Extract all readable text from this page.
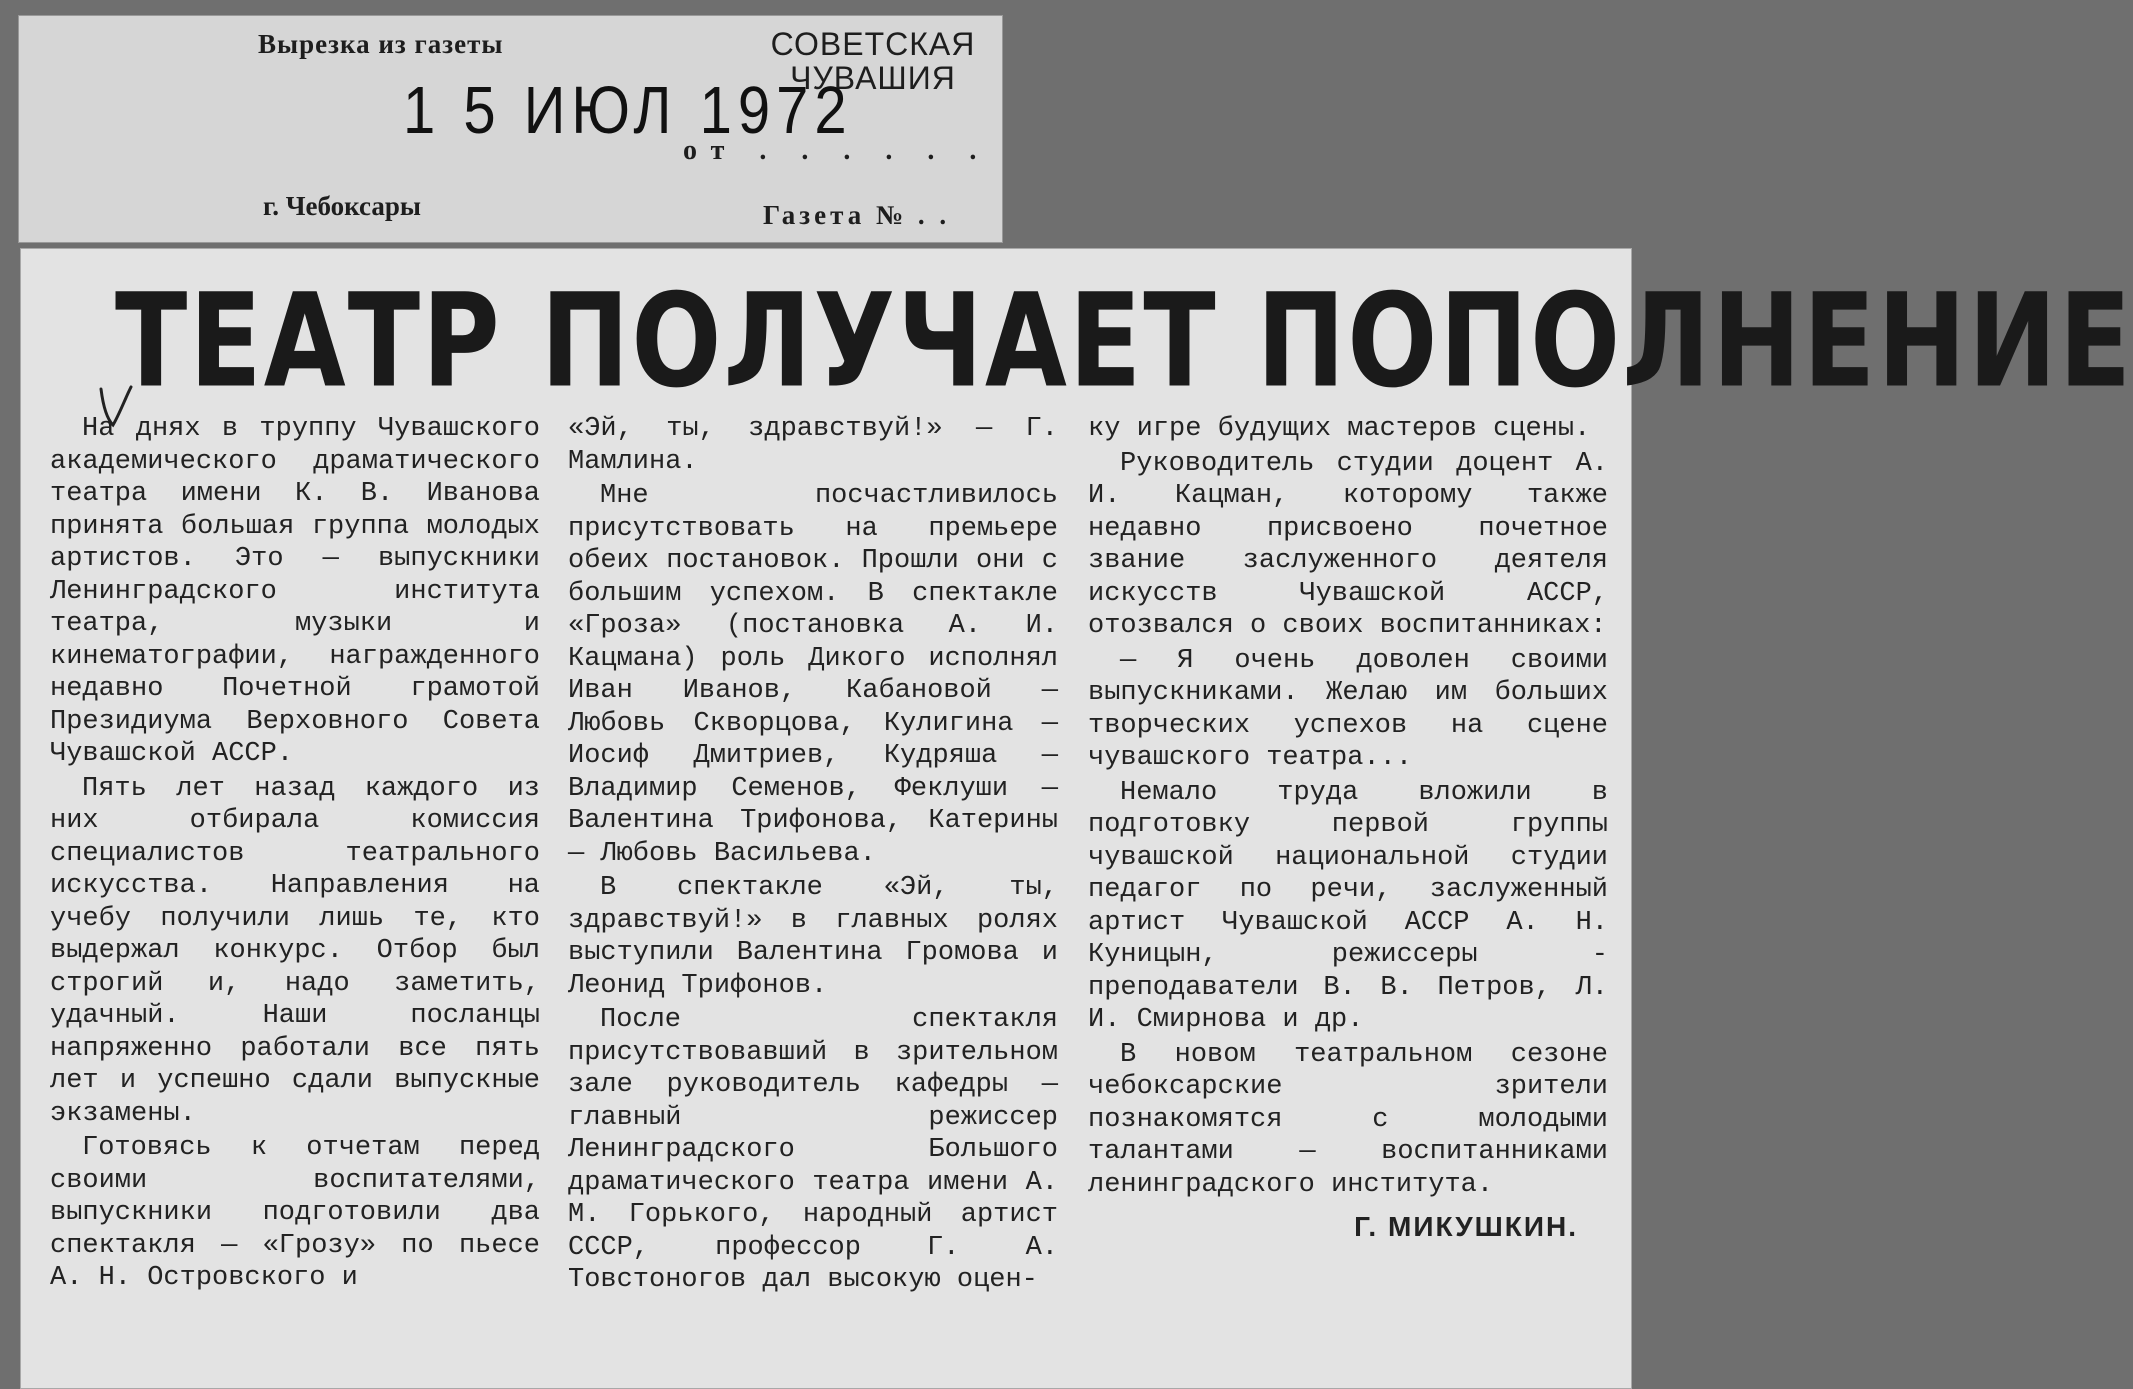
Вырезка из газеты	СОВЕТСКАЯ
ЧУВАШИЯ
1 5 ИЮЛ 1972
от . . . . . .
г. Чебоксары	Газета № . .
ТЕАТР ПОЛУЧАЕТ ПОПОЛНЕНИЕ

На днях в труппу Чувашского академического драматического театра имени К. В. Иванова принята большая группа молодых артистов. Это — выпускники Ленинградского института театра, музыки и кинематографии, награжденного недавно Почетной грамотой Президиума Верховного Совета Чувашской АССР.

Пять лет назад каждого из них отбирала комиссия специалистов театрального искусства. Направления на учебу получили лишь те, кто выдержал конкурс. Отбор был строгий и, надо заметить, удачный. Наши посланцы напряженно работали все пять лет и успешно сдали выпускные экзамены.

Готовясь к отчетам перед своими воспитателями, выпускники подготовили два спектакля — «Грозу» по пьесе А. Н. Островского и

«Эй, ты, здравствуй!» — Г. Мамлина.

Мне посчастливилось присутствовать на премьере обеих постановок. Прошли они с большим успехом. В спектакле «Гроза» (постановка А. И. Кацмана) роль Дикого исполнял Иван Иванов, Кабановой — Любовь Скворцова, Кулигина — Иосиф Дмитриев, Кудряша — Владимир Семенов, Феклуши — Валентина Трифонова, Катерины — Любовь Васильева.

В спектакле «Эй, ты, здравствуй!» в главных ролях выступили Валентина Громова и Леонид Трифонов.

После спектакля присутствовавший в зрительном зале руководитель кафедры — главный режиссер Ленинградского Большого драматического театра имени А. М. Горького, народный артист СССР, профессор Г. А. Товстоногов дал высокую оцен-

ку игре будущих мастеров сцены.

Руководитель студии доцент А. И. Кацман, которому также недавно присвоено почетное звание заслуженного деятеля искусств Чувашской АССР, отозвался о своих воспитанниках:

— Я очень доволен своими выпускниками. Желаю им больших творческих успехов на сцене чувашского театра...

Немало труда вложили в подготовку первой группы чувашской национальной студии педагог по речи, заслуженный артист Чувашской АССР А. Н. Куницын, режиссеры - преподаватели В. В. Петров, Л. И. Смирнова и др.

В новом театральном сезоне чебоксарские зрители познакомятся с молодыми талантами — воспитанниками ленинградского института.

Г. МИКУШКИН.
